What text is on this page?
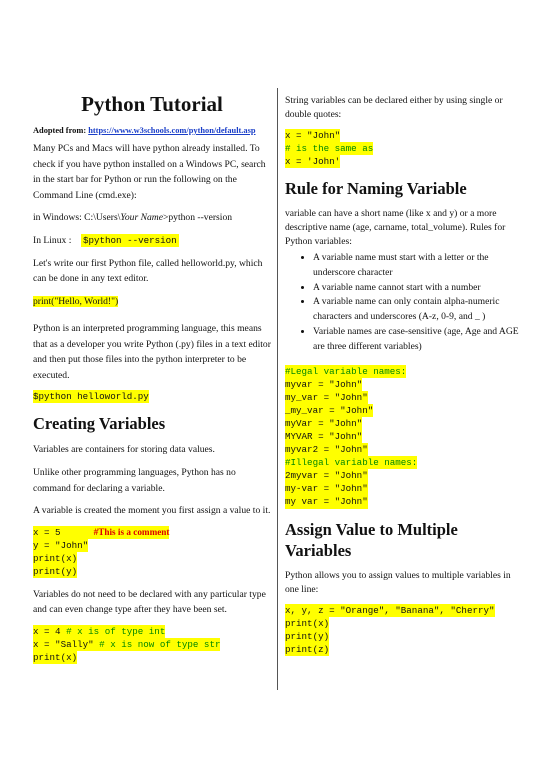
Python Tutorial
Adopted from: https://www.w3schools.com/python/default.asp

Many PCs and Macs will have python already installed. To check if you have python installed on a Windows PC, search in the start bar for Python or run the following on the Command Line (cmd.exe):

in Windows: C:\Users\Your Name>python --version

In Linux : $python --version

Let's write our first Python file, called helloworld.py, which can be done in any text editor.

print("Hello, World!")

Python is an interpreted programming language, this means that as a developer you write Python (.py) files in a text editor and then put those files into the python interpreter to be executed.

$python helloworld.py
Creating Variables

Variables are containers for storing data values.

Unlike other programming languages, Python has no command for declaring a variable.

A variable is created the moment you first assign a value to it.

x = 5	#This is a comment
y = "John"
print(x)
print(y)

Variables do not need to be declared with any particular type and can even change type after they have been set.

x = 4 # x is of type int
x = "Sally" # x is now of type str
print(x)

String variables can be declared either by using single or double quotes:

x = "John"
# is the same as
x = 'John'
Rule for Naming Variable

variable can have a short name (like x and y) or a more descriptive name (age, carname, total_volume). Rules for Python variables:

• A variable name must start with a letter or the underscore character
• A variable name cannot start with a number
• A variable name can only contain alpha-numeric characters and underscores (A-z, 0-9, and _ )
• Variable names are case-sensitive (age, Age and AGE are three different variables)
#Legal variable names:
myvar = "John"
my_var = "John"
_my_var = "John"
myVar = "John"
MYVAR = "John"
myvar2 = "John"
#Illegal variable names:
2myvar = "John"
my-var = "John"
my var = "John"
Assign Value to Multiple Variables

Python allows you to assign values to multiple variables in one line:

x, y, z = "Orange", "Banana", "Cherry"
print(x)
print(y)
print(z)
